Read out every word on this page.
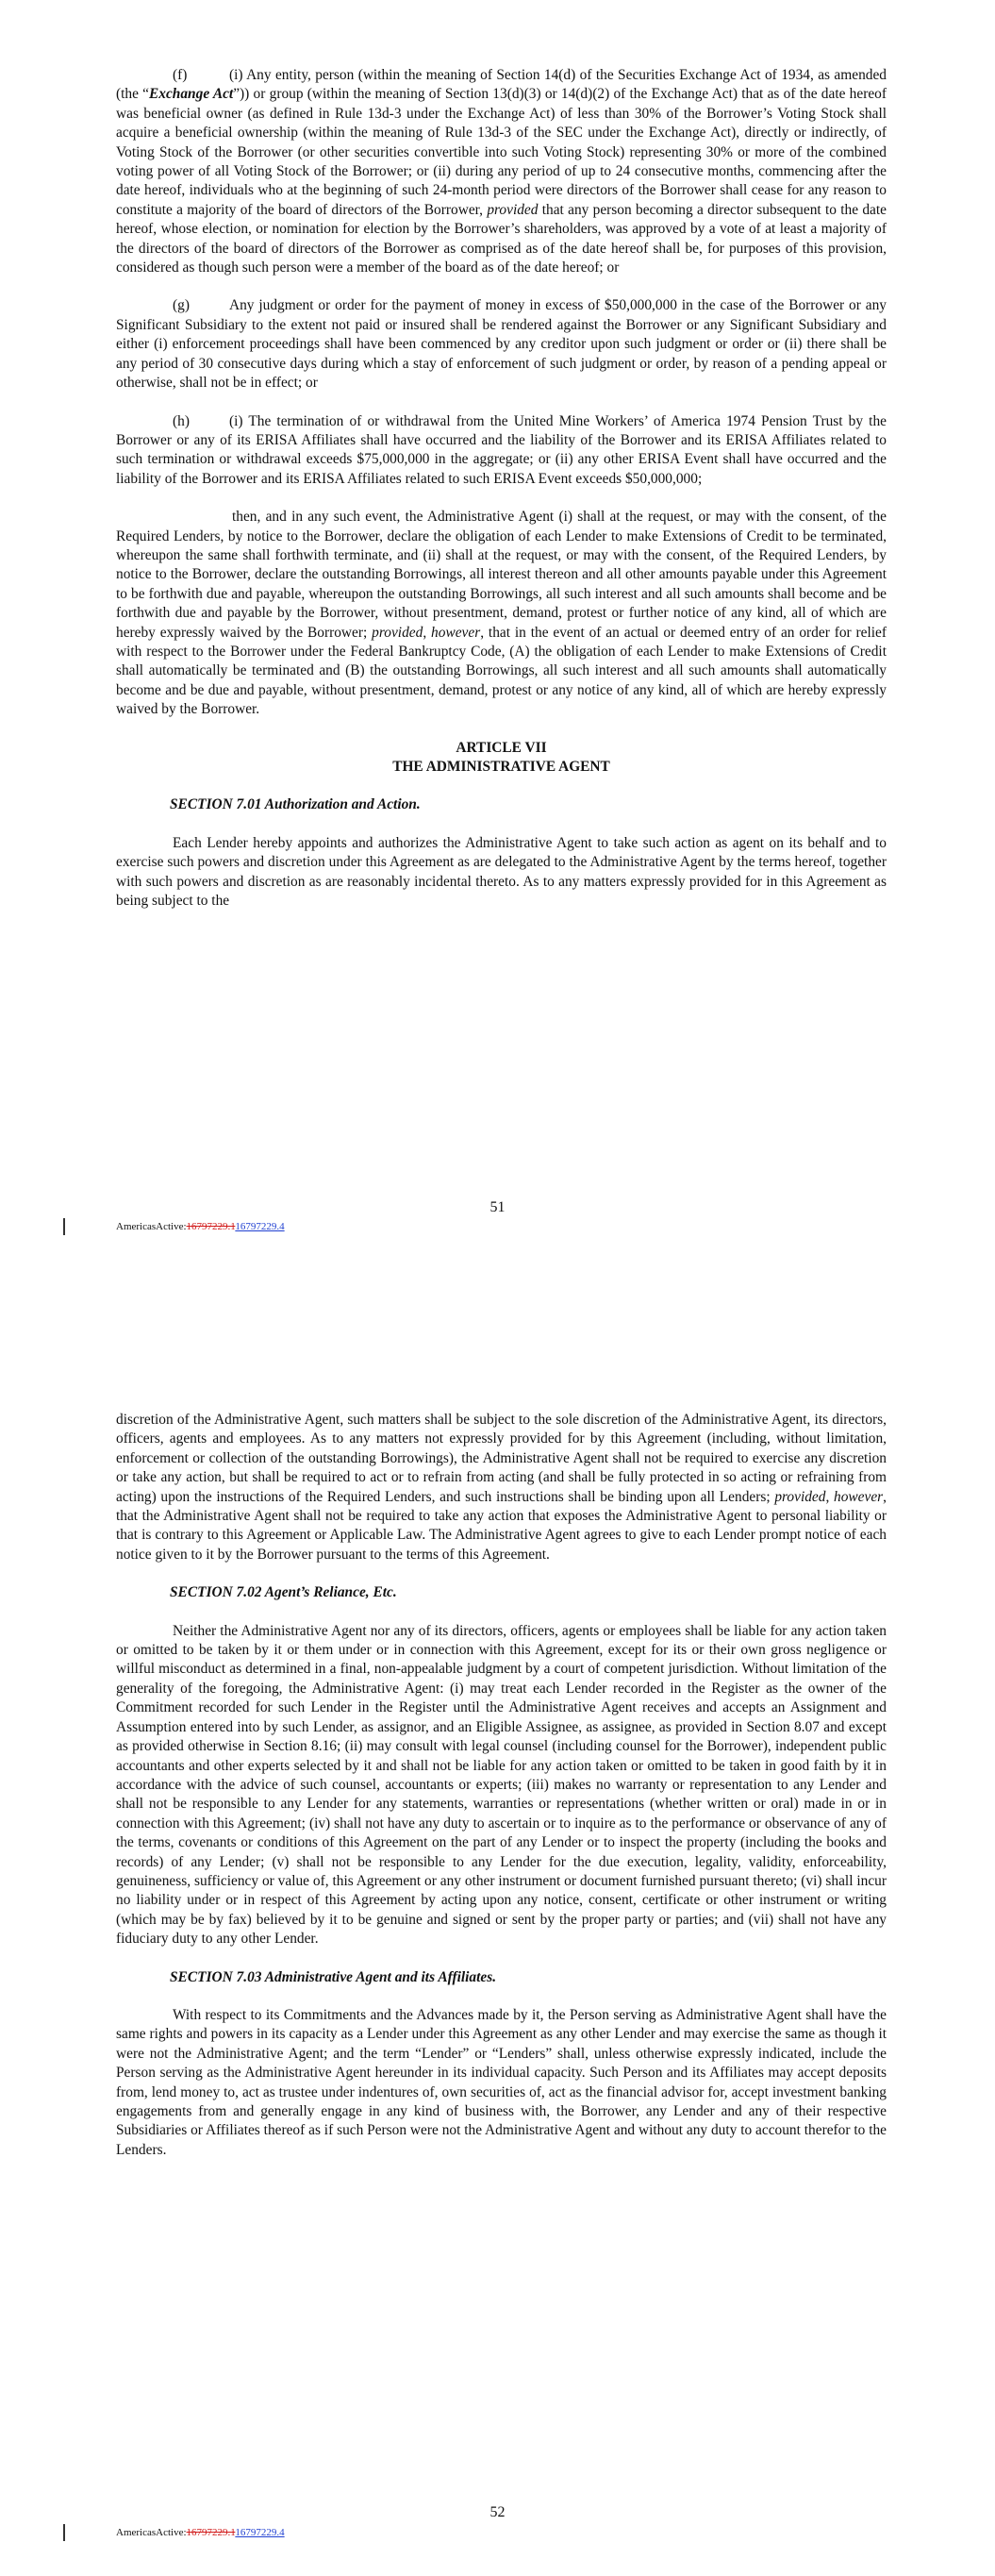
(f)	(i) Any entity, person (within the meaning of Section 14(d) of the Securities Exchange Act of 1934, as amended (the “Exchange Act”)) or group (within the meaning of Section 13(d)(3) or 14(d)(2) of the Exchange Act) that as of the date hereof was beneficial owner (as defined in Rule 13d-3 under the Exchange Act) of less than 30% of the Borrower’s Voting Stock shall acquire a beneficial ownership (within the meaning of Rule 13d-3 of the SEC under the Exchange Act), directly or indirectly, of Voting Stock of the Borrower (or other securities convertible into such Voting Stock) representing 30% or more of the combined voting power of all Voting Stock of the Borrower; or (ii) during any period of up to 24 consecutive months, commencing after the date hereof, individuals who at the beginning of such 24-month period were directors of the Borrower shall cease for any reason to constitute a majority of the board of directors of the Borrower, provided that any person becoming a director subsequent to the date hereof, whose election, or nomination for election by the Borrower’s shareholders, was approved by a vote of at least a majority of the directors of the board of directors of the Borrower as comprised as of the date hereof shall be, for purposes of this provision, considered as though such person were a member of the board as of the date hereof; or

(g)	Any judgment or order for the payment of money in excess of $50,000,000 in the case of the Borrower or any Significant Subsidiary to the extent not paid or insured shall be rendered against the Borrower or any Significant Subsidiary and either (i) enforcement proceedings shall have been commenced by any creditor upon such judgment or order or (ii) there shall be any period of 30 consecutive days during which a stay of enforcement of such judgment or order, by reason of a pending appeal or otherwise, shall not be in effect; or

(h)	(i) The termination of or withdrawal from the United Mine Workers’ of America 1974 Pension Trust by the Borrower or any of its ERISA Affiliates shall have occurred and the liability of the Borrower and its ERISA Affiliates related to such termination or withdrawal exceeds $75,000,000 in the aggregate; or (ii) any other ERISA Event shall have occurred and the liability of the Borrower and its ERISA Affiliates related to such ERISA Event exceeds $50,000,000;

then, and in any such event, the Administrative Agent (i) shall at the request, or may with the consent, of the Required Lenders, by notice to the Borrower, declare the obligation of each Lender to make Extensions of Credit to be terminated, whereupon the same shall forthwith terminate, and (ii) shall at the request, or may with the consent, of the Required Lenders, by notice to the Borrower, declare the outstanding Borrowings, all interest thereon and all other amounts payable under this Agreement to be forthwith due and payable, whereupon the outstanding Borrowings, all such interest and all such amounts shall become and be forthwith due and payable by the Borrower, without presentment, demand, protest or further notice of any kind, all of which are hereby expressly waived by the Borrower; provided, however, that in the event of an actual or deemed entry of an order for relief with respect to the Borrower under the Federal Bankruptcy Code, (A) the obligation of each Lender to make Extensions of Credit shall automatically be terminated and (B) the outstanding Borrowings, all such interest and all such amounts shall automatically become and be due and payable, without presentment, demand, protest or any notice of any kind, all of which are hereby expressly waived by the Borrower.

ARTICLE VII
THE ADMINISTRATIVE AGENT
SECTION 7.01 Authorization and Action.

Each Lender hereby appoints and authorizes the Administrative Agent to take such action as agent on its behalf and to exercise such powers and discretion under this Agreement as are delegated to the Administrative Agent by the terms hereof, together with such powers and discretion as are reasonably incidental thereto. As to any matters expressly provided for in this Agreement as being subject to the

51
AmericasActive:16797229.116797229.4

discretion of the Administrative Agent, such matters shall be subject to the sole discretion of the Administrative Agent, its directors, officers, agents and employees. As to any matters not expressly provided for by this Agreement (including, without limitation, enforcement or collection of the outstanding Borrowings), the Administrative Agent shall not be required to exercise any discretion or take any action, but shall be required to act or to refrain from acting (and shall be fully protected in so acting or refraining from acting) upon the instructions of the Required Lenders, and such instructions shall be binding upon all Lenders; provided, however, that the Administrative Agent shall not be required to take any action that exposes the Administrative Agent to personal liability or that is contrary to this Agreement or Applicable Law. The Administrative Agent agrees to give to each Lender prompt notice of each notice given to it by the Borrower pursuant to the terms of this Agreement.

SECTION 7.02 Agent’s Reliance, Etc.

Neither the Administrative Agent nor any of its directors, officers, agents or employees shall be liable for any action taken or omitted to be taken by it or them under or in connection with this Agreement, except for its or their own gross negligence or willful misconduct as determined in a final, non-appealable judgment by a court of competent jurisdiction. Without limitation of the generality of the foregoing, the Administrative Agent: (i) may treat each Lender recorded in the Register as the owner of the Commitment recorded for such Lender in the Register until the Administrative Agent receives and accepts an Assignment and Assumption entered into by such Lender, as assignor, and an Eligible Assignee, as assignee, as provided in Section 8.07 and except as provided otherwise in Section 8.16; (ii) may consult with legal counsel (including counsel for the Borrower), independent public accountants and other experts selected by it and shall not be liable for any action taken or omitted to be taken in good faith by it in accordance with the advice of such counsel, accountants or experts; (iii) makes no warranty or representation to any Lender and shall not be responsible to any Lender for any statements, warranties or representations (whether written or oral) made in or in connection with this Agreement; (iv) shall not have any duty to ascertain or to inquire as to the performance or observance of any of the terms, covenants or conditions of this Agreement on the part of any Lender or to inspect the property (including the books and records) of any Lender; (v) shall not be responsible to any Lender for the due execution, legality, validity, enforceability, genuineness, sufficiency or value of, this Agreement or any other instrument or document furnished pursuant thereto; (vi) shall incur no liability under or in respect of this Agreement by acting upon any notice, consent, certificate or other instrument or writing (which may be by fax) believed by it to be genuine and signed or sent by the proper party or parties; and (vii) shall not have any fiduciary duty to any other Lender.

SECTION 7.03 Administrative Agent and its Affiliates.

With respect to its Commitments and the Advances made by it, the Person serving as Administrative Agent shall have the same rights and powers in its capacity as a Lender under this Agreement as any other Lender and may exercise the same as though it were not the Administrative Agent; and the term “Lender” or “Lenders” shall, unless otherwise expressly indicated, include the Person serving as the Administrative Agent hereunder in its individual capacity. Such Person and its Affiliates may accept deposits from, lend money to, act as trustee under indentures of, own securities of, act as the financial advisor for, accept investment banking engagements from and generally engage in any kind of business with, the Borrower, any Lender and any of their respective Subsidiaries or Affiliates thereof as if such Person were not the Administrative Agent and without any duty to account therefor to the Lenders.

52
AmericasActive:16797229.116797229.4
